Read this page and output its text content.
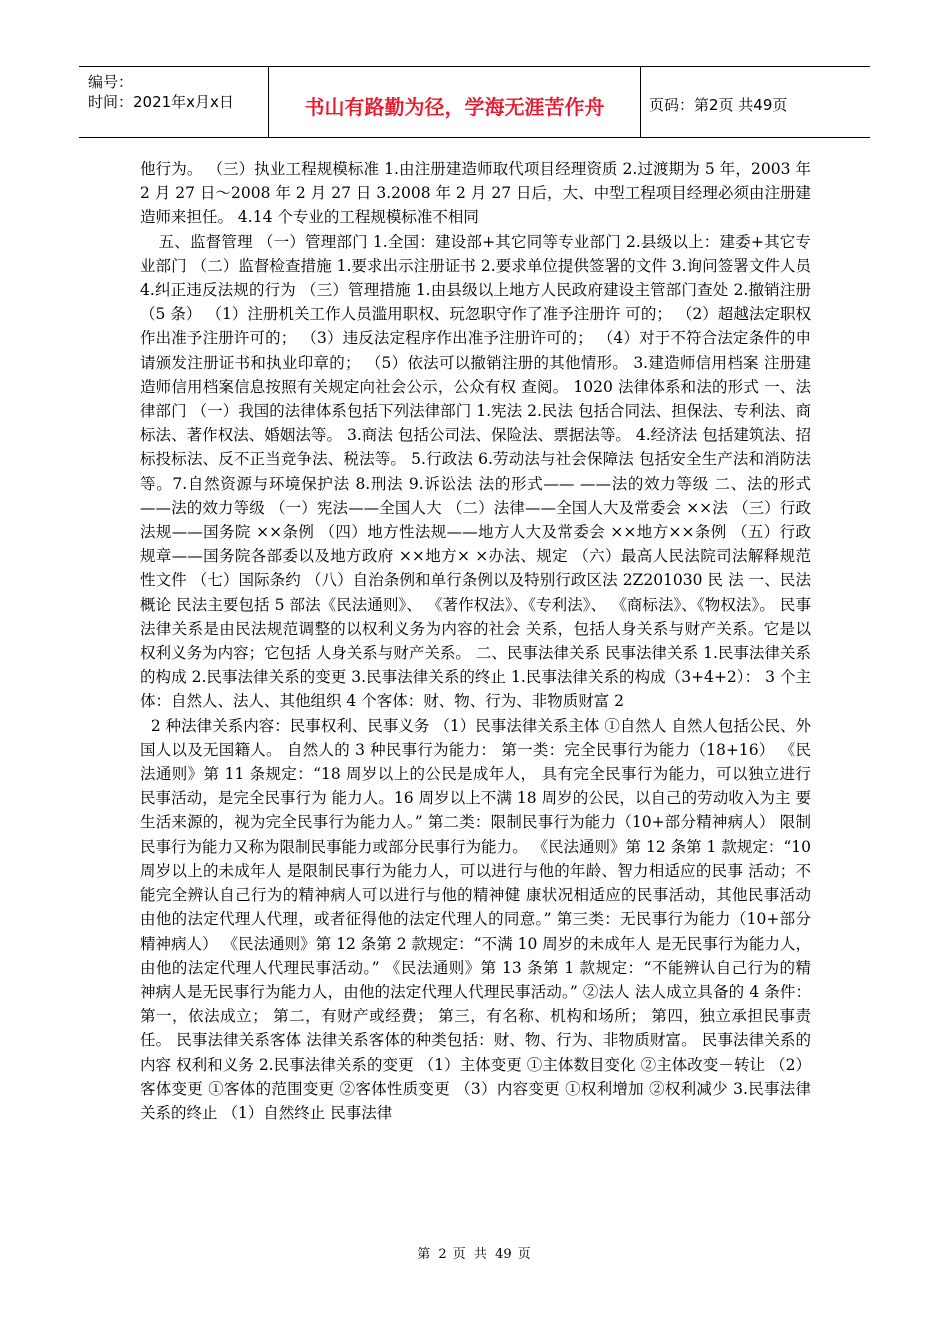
编号：
时间：2021年x月x日	书山有路勤为径，学海无涯苦作舟	页码：第2页 共49页

他行为。 （三）执业工程规模标准 1.由注册建造师取代项目经理资质 2.过渡期为 5 年，2003 年 2 月 27 日～2008 年 2 月 27 日 3.2008 年 2 月 27 日后，大、中型工程项目经理必须由注册建 造师来担任。 4.14 个专业的工程规模标准不相同

五、监督管理 （一）管理部门 1.全国：建设部+其它同等专业部门 2.县级以上：建委+其它专业部门 （二）监督检查措施 1.要求出示注册证书 2.要求单位提供签署的文件 3.询问签署文件人员 4.纠正违反法规的行为 （三）管理措施 1.由县级以上地方人民政府建设主管部门查处 2.撤销注册（5 条） （1）注册机关工作人员滥用职权、玩忽职守作了准予注册许 可的； （2）超越法定职权作出准予注册许可的； （3）违反法定程序作出准予注册许可的； （4）对于不符合法定条件的申请颁发注册证书和执业印章的； （5）依法可以撤销注册的其他情形。 3.建造师信用档案 注册建造师信用档案信息按照有关规定向社会公示，公众有权 查阅。 1020 法律体系和法的形式 一、法律部门 （一）我国的法律体系包括下列法律部门 1.宪法 2.民法 包括合同法、担保法、专利法、商标法、著作权法、婚姻法等。 3.商法 包括公司法、保险法、票据法等。 4.经济法 包括建筑法、招标投标法、反不正当竞争法、税法等。 5.行政法 6.劳动法与社会保障法 包括安全生产法和消防法等。7.自然资源与环境保护法 8.刑法 9.诉讼法 法的形式—— ——法的效力等级 二、法的形式——法的效力等级 （一）宪法——全国人大 （二）法律——全国人大及常委会 ××法 （三）行政法规——国务院 ××条例 （四）地方性法规——地方人大及常委会 ××地方××条例 （五）行政规章——国务院各部委以及地方政府 ××地方× ×办法、规定 （六）最高人民法院司法解释规范性文件 （七）国际条约 （八）自治条例和单行条例以及特别行政区法 2Z201030 民 法 一、民法概论 民法主要包括 5 部法《民法通则》、 《著作权法》、《专利法》、 《商标法》、《物权法》。 民事法律关系是由民法规范调整的以权利义务为内容的社会 关系，包括人身关系与财产关系。它是以权利义务为内容；它包括 人身关系与财产关系。 二、民事法律关系 民事法律关系 1.民事法律关系的构成 2.民事法律关系的变更 3.民事法律关系的终止 1.民事法律关系的构成（3+4+2）： 3 个主体：自然人、法人、其他组织 4 个客体：财、物、行为、非物质财富 2

2 种法律关系内容：民事权利、民事义务 （1）民事法律关系主体 ①自然人 自然人包括公民、外国人以及无国籍人。 自然人的 3 种民事行为能力： 第一类：完全民事行为能力（18+16） 《民法通则》第 11 条规定：“18 周岁以上的公民是成年人， 具有完全民事行为能力，可以独立进行民事活动，是完全民事行为 能力人。16 周岁以上不满 18 周岁的公民，以自己的劳动收入为主 要生活来源的，视为完全民事行为能力人。” 第二类：限制民事行为能力（10+部分精神病人） 限制民事行为能力又称为限制民事能力或部分民事行为能力。 《民法通则》第 12 条第 1 款规定：“10 周岁以上的未成年人 是限制民事行为能力人，可以进行与他的年龄、智力相适应的民事 活动；不能完全辨认自己行为的精神病人可以进行与他的精神健 康状况相适应的民事活动，其他民事活动由他的法定代理人代理，或者征得他的法定代理人的同意。” 第三类：无民事行为能力（10+部分精神病人） 《民法通则》第 12 条第 2 款规定：“不满 10 周岁的未成年人 是无民事行为能力人，由他的法定代理人代理民事活动。” 《民法通则》第 13 条第 1 款规定：“不能辨认自己行为的精 神病人是无民事行为能力人，由他的法定代理人代理民事活动。” ②法人 法人成立具备的 4 条件： 第一，依法成立； 第二，有财产或经费； 第三，有名称、机构和场所； 第四，独立承担民事责任。 民事法律关系客体 法律关系客体的种类包括：财、物、行为、非物质财富。 民事法律关系的内容 权利和义务 2.民事法律关系的变更 （1）主体变更 ①主体数目变化 ②主体改变－转让 （2）客体变更 ①客体的范围变更 ②客体性质变更 （3）内容变更 ①权利增加 ②权利减少 3.民事法律关系的终止 （1）自然终止 民事法律

第 2 页 共 49 页
